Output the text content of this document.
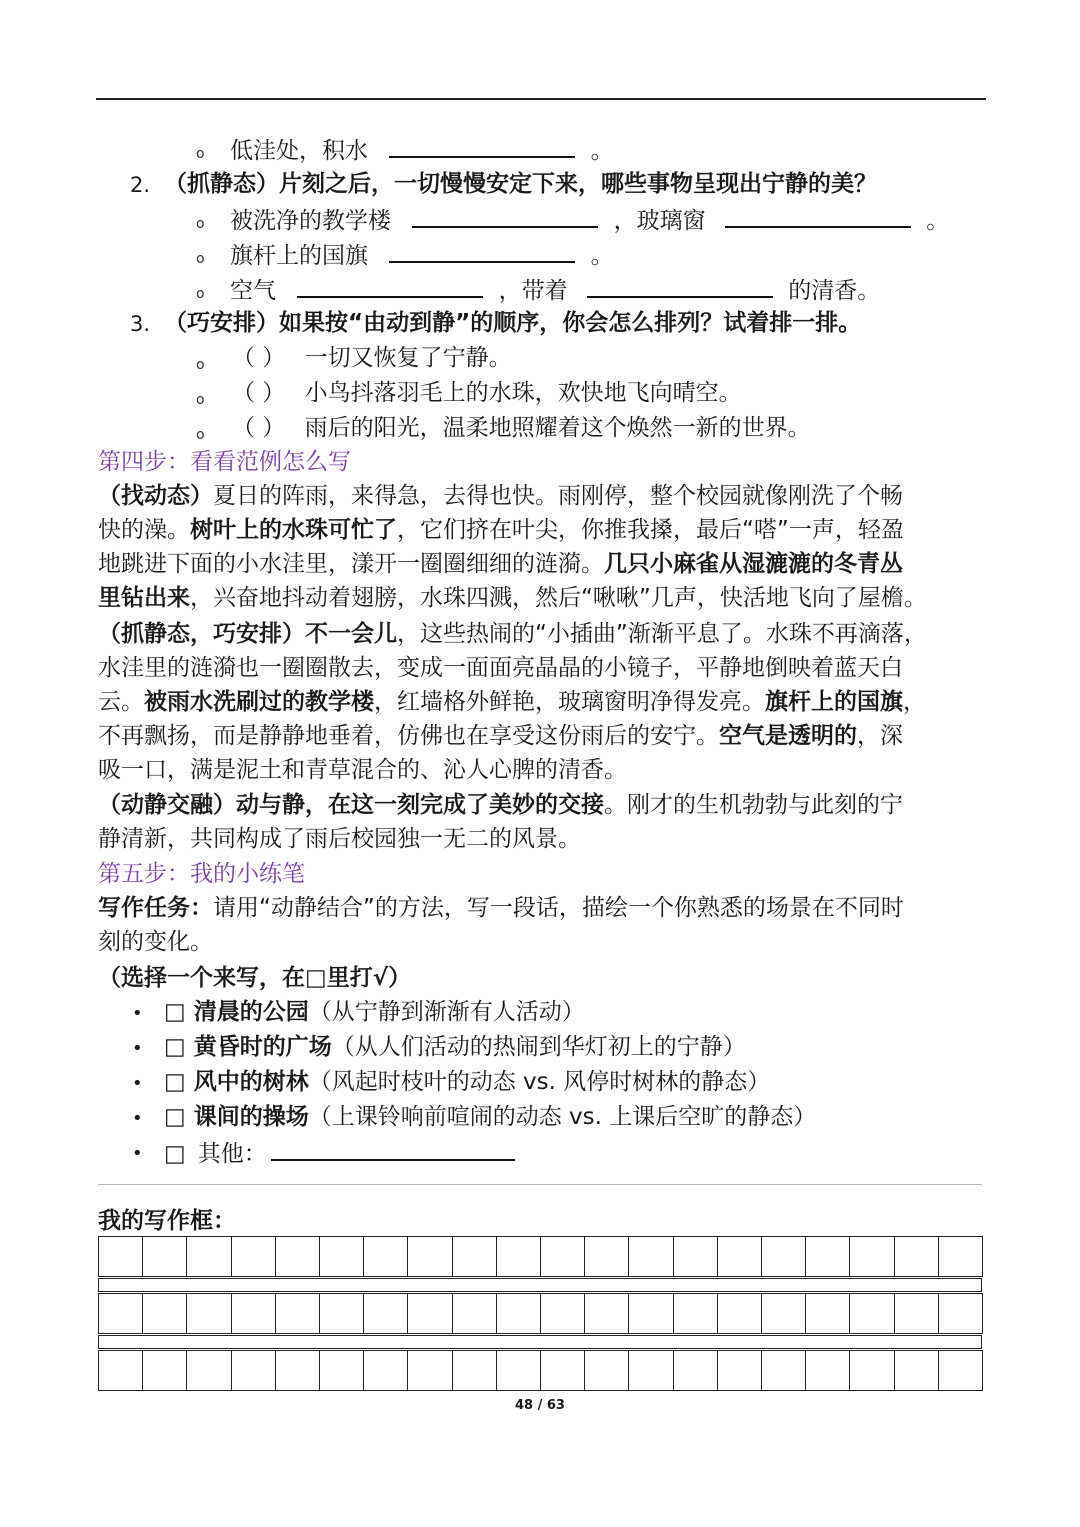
o 低洼处，积水	。
2. （抓静态）片刻之后，一切慢慢安定下来，哪些事物呈现出宁静的美？
o 被洗净的教学楼	，玻璃窗	。
o 旗杆上的国旗	。
o 空气	，带着	的清香。
3. （巧安排）如果按“由动到静”的顺序，你会怎么排列？试着排一排。
o （ ） 一切又恢复了宁静。
o （ ） 小鸟抖落羽毛上的水珠，欢快地飞向晴空。
o （ ） 雨后的阳光，温柔地照耀着这个焕然一新的世界。
第四步：看看范例怎么写
（找动态）夏日的阵雨，来得急，去得也快。雨刚停，整个校园就像刚洗了个畅
快的澡。树叶上的水珠可忙了，它们挤在叶尖，你推我搡，最后“嗒”一声，轻盈
地跳进下面的小水洼里，漾开一圈圈细细的涟漪。几只小麻雀从湿漉漉的冬青丛
里钻出来，兴奋地抖动着翅膀，水珠四溅，然后“啾啾”几声，快活地飞向了屋檐。
（抓静态，巧安排）不一会儿，这些热闹的“小插曲”渐渐平息了。水珠不再滴落，
水洼里的涟漪也一圈圈散去，变成一面面亮晶晶的小镜子，平静地倒映着蓝天白
云。被雨水洗刷过的教学楼，红墙格外鲜艳，玻璃窗明净得发亮。旗杆上的国旗，
不再飘扬，而是静静地垂着，仿佛也在享受这份雨后的安宁。空气是透明的，深
吸一口，满是泥土和青草混合的、沁人心脾的清香。
（动静交融）动与静，在这一刻完成了美妙的交接。刚才的生机勃勃与此刻的宁
静清新，共同构成了雨后校园独一无二的风景。
第五步：我的小练笔
写作任务：请用“动静结合”的方法，写一段话，描绘一个你熟悉的场景在不同时
刻的变化。
（选择一个来写，在□里打√）
• □ 清晨的公园（从宁静到渐渐有人活动）
• □ 黄昏时的广场（从人们活动的热闹到华灯初上的宁静）
• □ 风中的树林（风起时枝叶的动态 vs. 风停时树林的静态）
• □ 课间的操场（上课铃响前喧闹的动态 vs. 上课后空旷的静态）
• □ 其他：
我的写作框：
48 / 63
